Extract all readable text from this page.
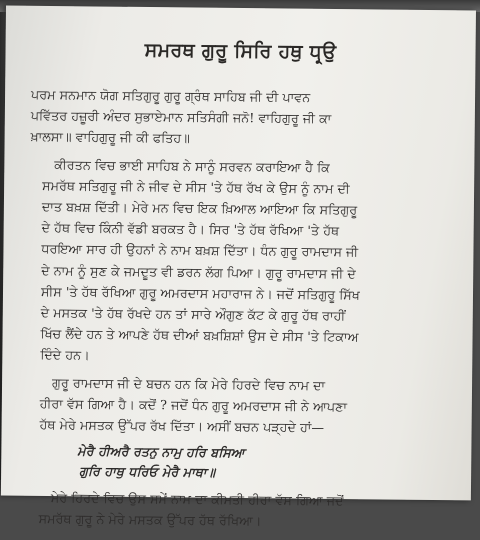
ਸਮਰਥ ਗੁਰੂ ਸਿਰਿ ਹਥੁ ਧਰ੍ਉ
ਪਰਮ ਸਨਮਾਨ ਯੋਗ ਸਤਿਗੁਰੂ ਗੁਰੂ ਗ੍ਰੰਥ ਸਾਹਿਬ ਜੀ ਦੀ ਪਾਵਨ
ਪਵਿੱਤਰ ਹਜ਼ੂਰੀ ਅੰਦਰ ਸੁਭਾਏਮਾਨ ਸਤਿਸੰਗੀ ਜਨੋ! ਵਾਹਿਗੁਰੂ ਜੀ ਕਾ
ਖ਼ਾਲਸਾ॥ ਵਾਹਿਗੁਰੂ ਜੀ ਕੀ ਫਤਿਹ॥
ਕੀਰਤਨ ਵਿਚ ਭਾਈ ਸਾਹਿਬ ਨੇ ਸਾਨੂੰ ਸਰਵਨ ਕਰਾਇਆ ਹੈ ਕਿ
ਸਮਰੱਥ ਸਤਿਗੁਰੂ ਜੀ ਨੇ ਜੀਵ ਦੇ ਸੀਸ 'ਤੇ ਹੱਥ ਰੱਖ ਕੇ ਉਸ ਨੂੰ ਨਾਮ ਦੀ
ਦਾਤ ਬਖ਼ਸ਼ ਦਿੱਤੀ। ਮੇਰੇ ਮਨ ਵਿਚ ਇਕ ਖ਼ਿਆਲ ਆਇਆ ਕਿ ਸਤਿਗੁਰੂ
ਦੇ ਹੱਥ ਵਿਚ ਕਿੰਨੀ ਵੱਡੀ ਬਰਕਤ ਹੈ। ਸਿਰ 'ਤੇ ਹੱਥ ਰੱਖਿਆ 'ਤੇ ਹੱਥ
ਧਰਇਆ ਸਾਰ ਹੀ ਉਹਨਾਂ ਨੇ ਨਾਮ ਬਖ਼ਸ਼ ਦਿੱਤਾ। ਧੰਨ ਗੁਰੂ ਰਾਮਦਾਸ ਜੀ
ਦੇ ਨਾਮ ਨੂੰ ਸੁਣ ਕੇ ਜਮਦੂਤ ਵੀ ਡਰਨ ਲੱਗ ਪਿਆ। ਗੁਰੂ ਰਾਮਦਾਸ ਜੀ ਦੇ
ਸੀਸ 'ਤੇ ਹੱਥ ਰੱਖਿਆ ਗੁਰੂ ਅਮਰਦਾਸ ਮਹਾਰਾਜ ਨੇ। ਜਦੋਂ ਸਤਿਗੁਰੂ ਸਿੱਖ
ਦੇ ਮਸਤਕ 'ਤੇ ਹੱਥ ਰੱਖਦੇ ਹਨ ਤਾਂ ਸਾਰੇ ਔਗੁਣ ਕੱਟ ਕੇ ਗੁਰੂ ਹੱਥ ਰਾਹੀਂ
ਖਿੱਚ ਲੈਂਦੇ ਹਨ ਤੇ ਆਪਣੇ ਹੱਥ ਦੀਆਂ ਬਖ਼ਸ਼ਿਸ਼ਾਂ ਉਸ ਦੇ ਸੀਸ 'ਤੇ ਟਿਕਾਅ
ਦਿੰਦੇ ਹਨ।
ਗੁਰੂ ਰਾਮਦਾਸ ਜੀ ਦੇ ਬਚਨ ਹਨ ਕਿ ਮੇਰੇ ਹਿਰਦੇ ਵਿਚ ਨਾਮ ਦਾ
ਹੀਰਾ ਵੱਸ ਗਿਆ ਹੈ। ਕਦੋਂ ? ਜਦੋਂ ਧੰਨ ਗੁਰੂ ਅਮਰਦਾਸ ਜੀ ਨੇ ਆਪਣਾ
ਹੱਥ ਮੇਰੇ ਮਸਤਕ ਉੱਪਰ ਰੱਖ ਦਿੱਤਾ। ਅਸੀਂ ਬਚਨ ਪੜ੍ਹਦੇ ਹਾਂ—
ਮੇਰੈ ਹੀਅਰੈ ਰਤਨੁ ਨਾਮੁ ਹਰਿ ਬਸਿਆ
ਗੁਰਿ ਹਾਥੁ ਧਰਿਓ ਮੇਰੈ ਮਾਥਾ॥
ਮੇਰੇ ਹਿਰਦੇ ਵਿਚ ਉਸ ਸਮੇਂ ਨਾਮ ਦਾ ਕੀਮਤੀ ਹੀਰਾ ਵੱਸ ਗਿਆ ਜਦੋਂ
ਸਮਰੱਥ ਗੁਰੂ ਨੇ ਮੇਰੇ ਮਸਤਕ ਉੱਪਰ ਹੱਥ ਰੱਖਿਆ।
